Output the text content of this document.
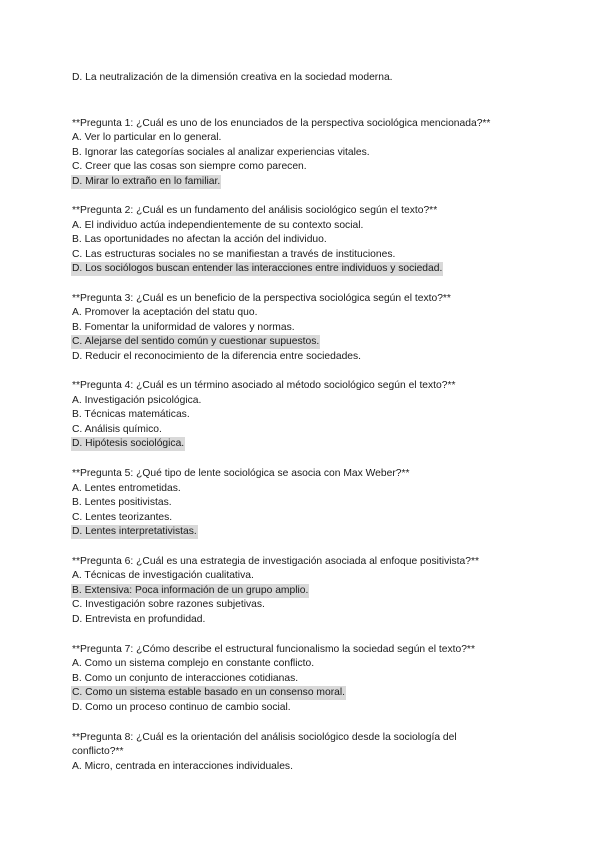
D. La neutralización de la dimensión creativa en la sociedad moderna.
**Pregunta 1: ¿Cuál es uno de los enunciados de la perspectiva sociológica mencionada?**
A. Ver lo particular en lo general.
B. Ignorar las categorías sociales al analizar experiencias vitales.
C. Creer que las cosas son siempre como parecen.
D. Mirar lo extraño en lo familiar.
**Pregunta 2: ¿Cuál es un fundamento del análisis sociológico según el texto?**
A. El individuo actúa independientemente de su contexto social.
B. Las oportunidades no afectan la acción del individuo.
C. Las estructuras sociales no se manifiestan a través de instituciones.
D. Los sociólogos buscan entender las interacciones entre individuos y sociedad.
**Pregunta 3: ¿Cuál es un beneficio de la perspectiva sociológica según el texto?**
A. Promover la aceptación del statu quo.
B. Fomentar la uniformidad de valores y normas.
C. Alejarse del sentido común y cuestionar supuestos.
D. Reducir el reconocimiento de la diferencia entre sociedades.
**Pregunta 4: ¿Cuál es un término asociado al método sociológico según el texto?**
A. Investigación psicológica.
B. Técnicas matemáticas.
C. Análisis químico.
D. Hipótesis sociológica.
**Pregunta 5: ¿Qué tipo de lente sociológica se asocia con Max Weber?**
A. Lentes entrometidas.
B. Lentes positivistas.
C. Lentes teorizantes.
D. Lentes interpretativistas.
**Pregunta 6: ¿Cuál es una estrategia de investigación asociada al enfoque positivista?**
A. Técnicas de investigación cualitativa.
B. Extensiva: Poca información de un grupo amplio.
C. Investigación sobre razones subjetivas.
D. Entrevista en profundidad.
**Pregunta 7: ¿Cómo describe el estructural funcionalismo la sociedad según el texto?**
A. Como un sistema complejo en constante conflicto.
B. Como un conjunto de interacciones cotidianas.
C. Como un sistema estable basado en un consenso moral.
D. Como un proceso continuo de cambio social.
**Pregunta 8: ¿Cuál es la orientación del análisis sociológico desde la sociología del
conflicto?**
A. Micro, centrada en interacciones individuales.
